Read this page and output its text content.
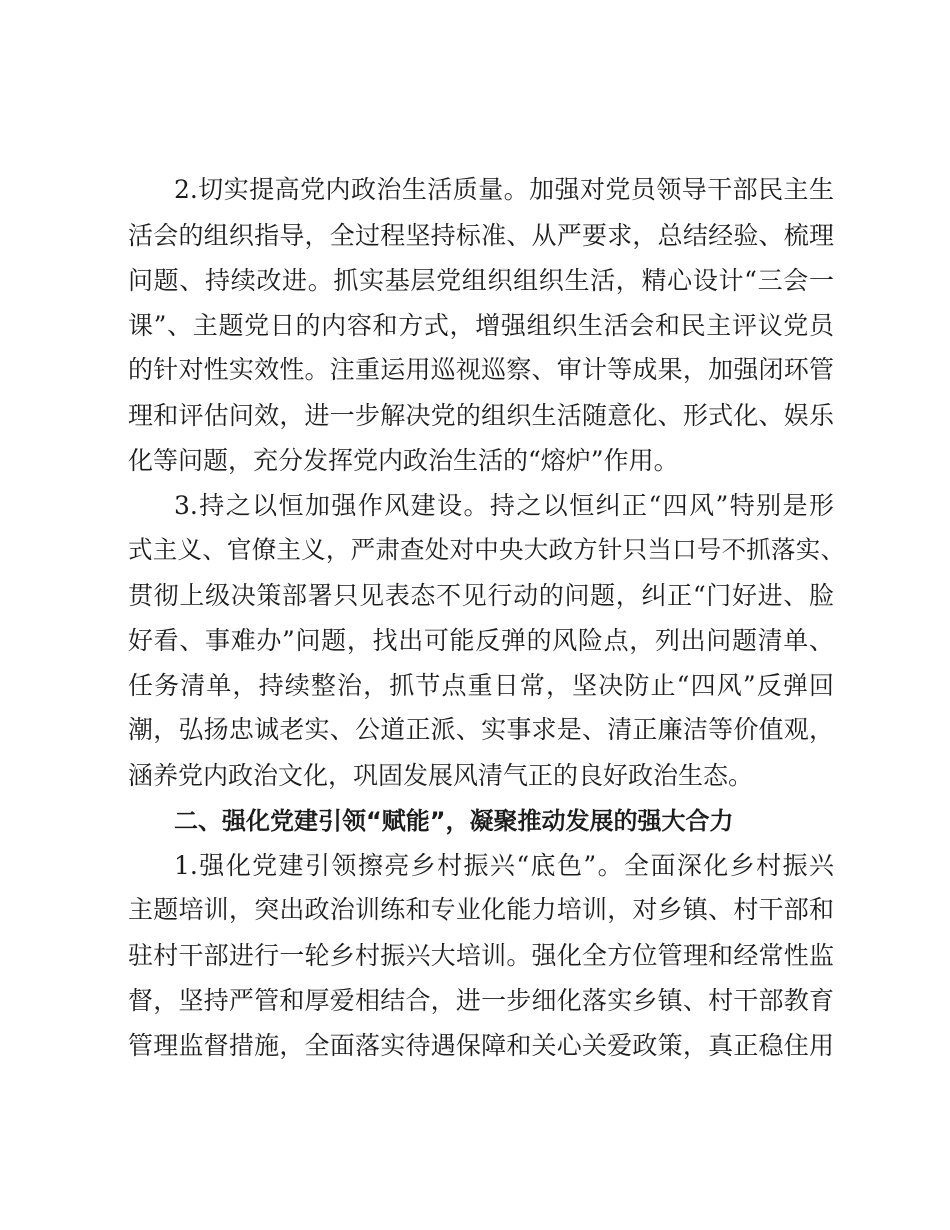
2.切实提高党内政治生活质量。加强对党员领导干部民主生
活会的组织指导，全过程坚持标准、从严要求，总结经验、梳理
问题、持续改进。抓实基层党组织组织生活，精心设计“三会一
课”、主题党日的内容和方式，增强组织生活会和民主评议党员
的针对性实效性。注重运用巡视巡察、审计等成果，加强闭环管
理和评估问效，进一步解决党的组织生活随意化、形式化、娱乐
化等问题，充分发挥党内政治生活的“熔炉”作用。
3.持之以恒加强作风建设。持之以恒纠正“四风”特别是形
式主义、官僚主义，严肃查处对中央大政方针只当口号不抓落实、
贯彻上级决策部署只见表态不见行动的问题，纠正“门好进、脸
好看、事难办”问题，找出可能反弹的风险点，列出问题清单、
任务清单，持续整治，抓节点重日常，坚决防止“四风”反弹回
潮，弘扬忠诚老实、公道正派、实事求是、清正廉洁等价值观，
涵养党内政治文化，巩固发展风清气正的良好政治生态。
二、强化党建引领“赋能”，凝聚推动发展的强大合力
1.强化党建引领擦亮乡村振兴“底色”。全面深化乡村振兴
主题培训，突出政治训练和专业化能力培训，对乡镇、村干部和
驻村干部进行一轮乡村振兴大培训。强化全方位管理和经常性监
督，坚持严管和厚爱相结合，进一步细化落实乡镇、村干部教育
管理监督措施，全面落实待遇保障和关心关爱政策，真正稳住用
